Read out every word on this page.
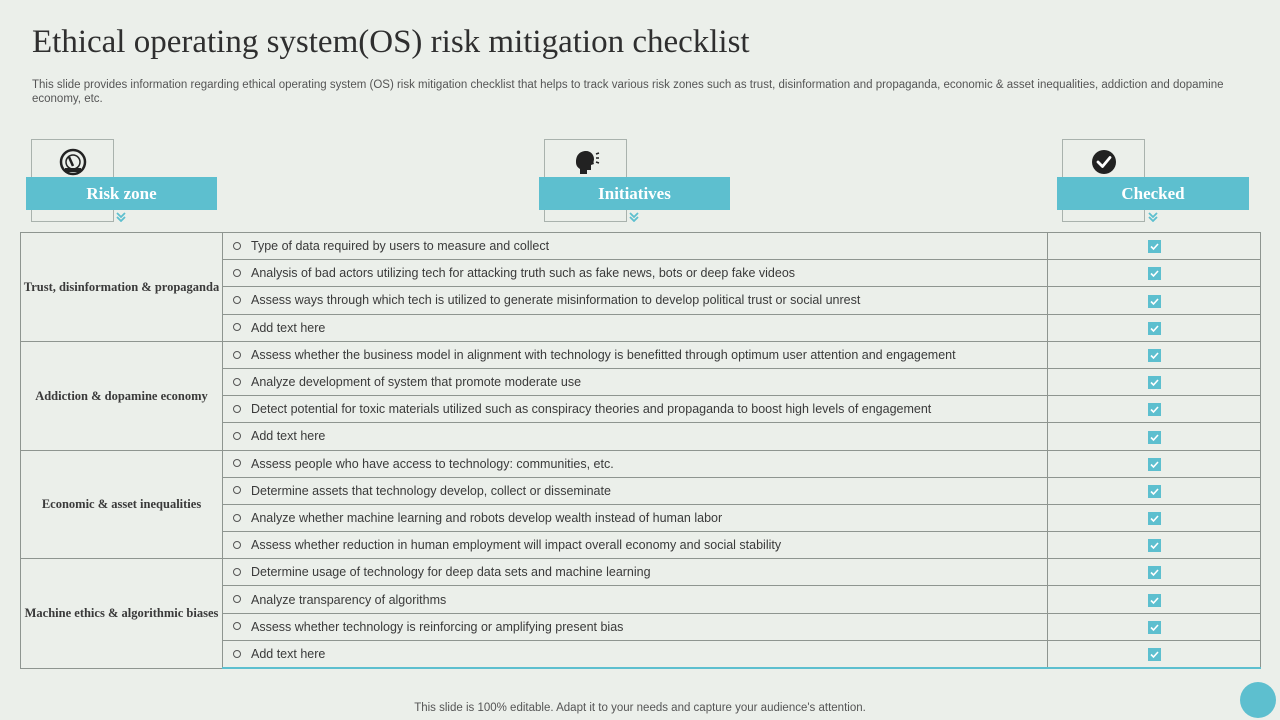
Ethical operating system(OS) risk mitigation checklist
This slide provides information regarding ethical operating system (OS) risk mitigation checklist that helps to track various risk zones such as trust, disinformation and propaganda, economic & asset inequalities, addiction and dopamine economy, etc.
Risk zone	Initiatives	Checked
Trust, disinformation & propaganda	Type of data required by users to measure and collect	

	Analysis of bad actors utilizing tech for attacking truth such as fake news, bots or deep fake videos	

	Assess ways through which tech is utilized to generate misinformation to develop political trust or social unrest	

	Add text here	

Addiction & dopamine economy	Assess whether the business model in alignment with technology is benefitted through optimum user attention and engagement	

	Analyze development of system that promote moderate use	

	Detect potential for toxic materials utilized such as conspiracy theories and propaganda to boost high levels of engagement	

	Add text here	

Economic & asset inequalities	Assess people who have access to technology: communities, etc.	

	Determine assets that technology develop, collect or disseminate	

	Analyze whether machine learning and robots develop wealth instead of human labor	

	Assess whether reduction in human employment will impact overall economy and social stability	

Machine ethics & algorithmic biases	Determine usage of technology for deep data sets and machine learning	

	Analyze transparency of algorithms	

	Assess whether technology is reinforcing or amplifying present bias	

	Add text here	
This slide is 100% editable. Adapt it to your needs and capture your audience's attention.
